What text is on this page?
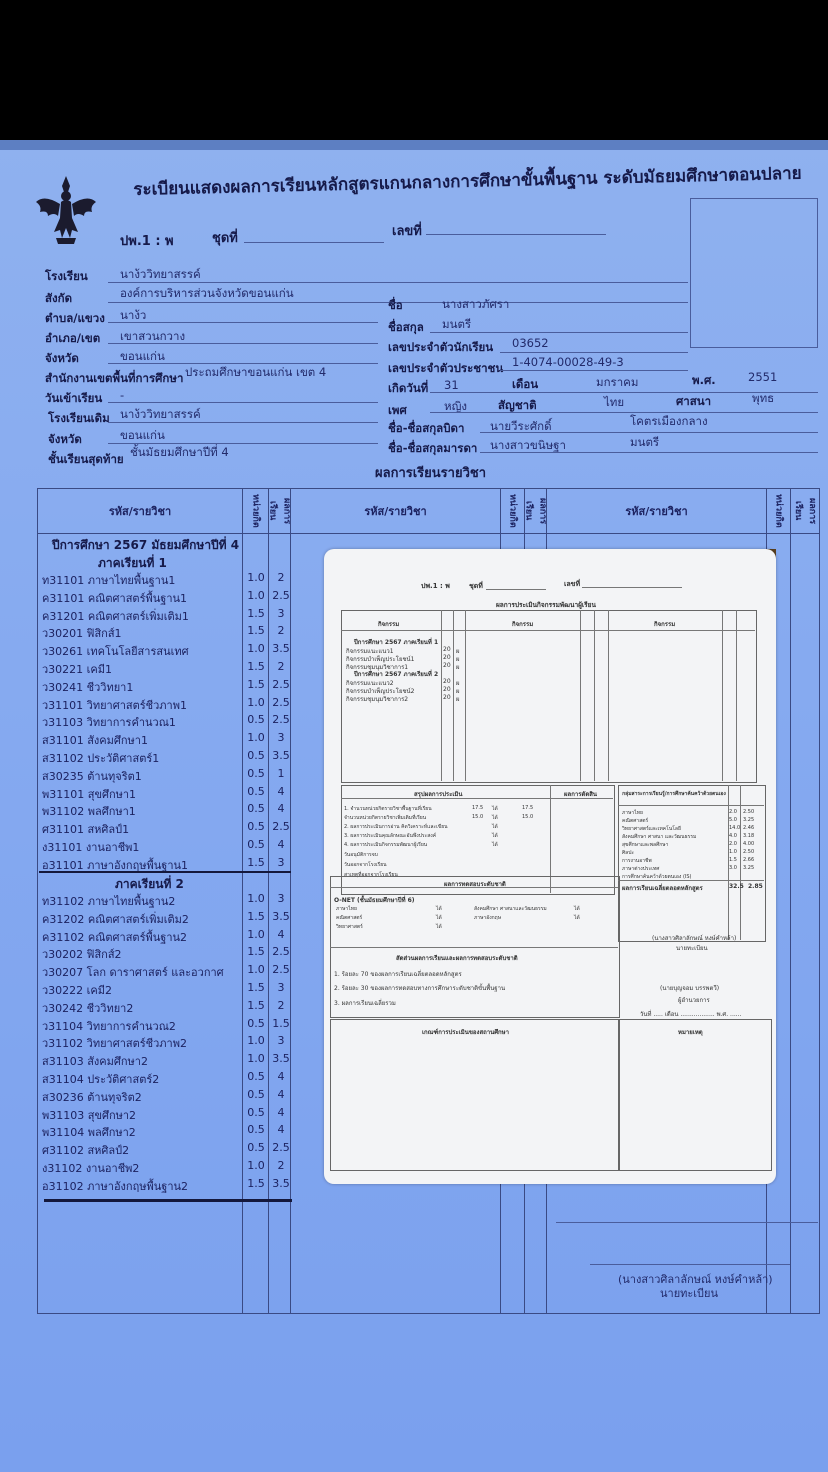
ระเบียนแสดงผลการเรียนหลักสูตรแกนกลางการศึกษาขั้นพื้นฐาน ระดับมัธยมศึกษาตอนปลาย
ปพ.1 : พ	ชุดที่	เลขที่
โรงเรียน	นาง้ววิทยาสรรค์
สังกัด	องค์การบริหารส่วนจังหวัดขอนแก่น
ตำบล/แขวง นาง้ว
อำเภอ/เขต เขาสวนกวาง
จังหวัด	ขอนแก่น
สำนักงานเขตพื้นที่การศึกษา ประถมศึกษาขอนแก่น เขต 4
วันเข้าเรียน -
โรงเรียนเดิม นาง้ววิทยาสรรค์
จังหวัด	ขอนแก่น
ชั้นเรียนสุดท้าย ชั้นมัธยมศึกษาปีที่ 4
ชื่อ	นางสาวภัศรา
ชื่อสกุล มนตรี
เลขประจำตัวนักเรียน 03652
เลขประจำตัวประชาชน 1-4074-00028-49-3
เกิดวันที่ 31	เดือน	มกราคม	พ.ศ.	2551
เพศ	หญิง	สัญชาติ	ไทย	ศาสนา	พุทธ
ชื่อ-ชื่อสกุลบิดา นายวีระศักดิ์	โคตรเมืองกลาง
ชื่อ-ชื่อสกุลมารดา นางสาวขนิษฐา	มนตรี
ผลการเรียนรายวิชา
รหัส/รายวิชา	หน่วยกิต	ผลการเรียน	รหัส/รายวิชา	หน่วยกิต	ผลการเรียน	รหัส/รายวิชา	หน่วยกิต	ผลการเรียน

ปีการศึกษา 2567 มัธยมศึกษาปีที่ 4
ภาคเรียนที่ 1
ท31101 ภาษาไทยพื้นฐาน1	1.0	2
ค31101 คณิตศาสตร์พื้นฐาน1	1.0 2.5
ค31201 คณิตศาสตร์เพิ่มเติม1	1.5	3
ว30201 ฟิสิกส์1	1.5	2
ว30261 เทคโนโลยีสารสนเทศ	1.0 3.5
ว30221 เคมี1	1.5	2
ว30241 ชีววิทยา1	1.5 2.5
ว31101 วิทยาศาสตร์ชีวภาพ1	1.0 2.5
ว31103 วิทยาการคำนวณ1	0.5 2.5
ส31101 สังคมศึกษา1	1.0	3
ส31102 ประวัติศาสตร์1	0.5 3.5
ส30235 ต้านทุจริต1	0.5	1
พ31101 สุขศึกษา1	0.5	4
พ31102 พลศึกษา1	0.5	4
ศ31101 สหศิลป์1	0.5 2.5
ง31101 งานอาชีพ1	0.5	4
อ31101 ภาษาอังกฤษพื้นฐาน1	1.5	3
ภาคเรียนที่ 2
ท31102 ภาษาไทยพื้นฐาน2	1.0	3
ค31202 คณิตศาสตร์เพิ่มเติม2	1.5 3.5
ค31102 คณิตศาสตร์พื้นฐาน2	1.0	4
ว30202 ฟิสิกส์2	1.5 2.5
ว30207 โลก ดาราศาสตร์ และอวกาศ 1.0 2.5
ว30222 เคมี2	1.5	3
ว30242 ชีววิทยา2	1.5	2
ว31104 วิทยาการคำนวณ2	0.5 1.5
ว31102 วิทยาศาสตร์ชีวภาพ2	1.0	3
ส31103 สังคมศึกษา2	1.0 3.5
ส31104 ประวัติศาสตร์2	0.5	4
ส30236 ต้านทุจริต2	0.5	4
พ31103 สุขศึกษา2	0.5	4
พ31104 พลศึกษา2	0.5	4
ศ31102 สหศิลป์2	0.5 2.5
ง31102 งานอาชีพ2	1.0	2
อ31102 ภาษาอังกฤษพื้นฐาน2	1.5 3.5
(นางสาวศิลาลักษณ์ หงษ์คำหล้า)
นายทะเบียน
ปพ.1 : พ	ชุดที่	เลขที่
ผลการประเมินกิจกรรมพัฒนาผู้เรียน
กิจกรรม	กิจกรรม	กิจกรรม
ปีการศึกษา 2567 ภาคเรียนที่ 1
กิจกรรมแนะแนว1	20 ผ
กิจกรรมบำเพ็ญประโยชน์1	20 ผ
กิจกรรมชุมนุมวิชาการ1	20 ผ
ปีการศึกษา 2567 ภาคเรียนที่ 2
กิจกรรมแนะแนว2	20 ผ
กิจกรรมบำเพ็ญประโยชน์2	20 ผ
กิจกรรมชุมนุมวิชาการ2	20 ผ
สรุปผลการประเมิน	ผลการตัดสิน
1. จำนวนหน่วยกิตรายวิชาพื้นฐานที่เรียน	17.5 ได้	17.5
จำนวนหน่วยกิตรายวิชาเพิ่มเติมที่เรียน	15.0 ได้	15.0
2. ผลการประเมินการอ่าน คิดวิเคราะห์และเขียน	ได้
3. ผลการประเมินคุณลักษณะอันพึงประสงค์	ได้
4. ผลการประเมินกิจกรรมพัฒนาผู้เรียน	ได้
วันอนุมัติการจบ
วันออกจากโรงเรียน
สาเหตุที่ออกจากโรงเรียน
กลุ่มสาระการเรียนรู้/การศึกษาค้นคว้าด้วยตนเอง
ภาษาไทย	2.0 2.50
คณิตศาสตร์	5.0 3.25
วิทยาศาสตร์และเทคโนโลยี	14.0 2.46
สังคมศึกษา ศาสนา และวัฒนธรรม	4.0 3.18
สุขศึกษาและพลศึกษา	2.0 4.00
ศิลปะ	1.0 2.50
การงานอาชีพ	1.5 2.66
ภาษาต่างประเทศ	3.0 3.25
การศึกษาค้นคว้าด้วยตนเอง (IS)
ผลการเรียนเฉลี่ยตลอดหลักสูตร	32.5 2.85
(นางสาวศิลาลักษณ์ หงษ์คำหล้า)
นายทะเบียน
(นายบุญจอม บรรพตวี)
ผู้อำนวยการ
วันที่ ..... เดือน .................. พ.ศ. ......
ผลการทดสอบระดับชาติ
O-NET (ชั้นมัธยมศึกษาปีที่ 6)
ภาษาไทย	ได้
คณิตศาสตร์	ได้
วิทยาศาสตร์	ได้
สังคมศึกษา ศาสนาและวัฒนธรรม	ได้
ภาษาอังกฤษ	ได้
สัดส่วนผลการเรียนและผลการทดสอบระดับชาติ
1. ร้อยละ 70 ของผลการเรียนเฉลี่ยตลอดหลักสูตร
2. ร้อยละ 30 ของผลการทดสอบทางการศึกษาระดับชาติขั้นพื้นฐาน
3. ผลการเรียนเฉลี่ยรวม
เกณฑ์การประเมินของสถานศึกษา	หมายเหตุ
